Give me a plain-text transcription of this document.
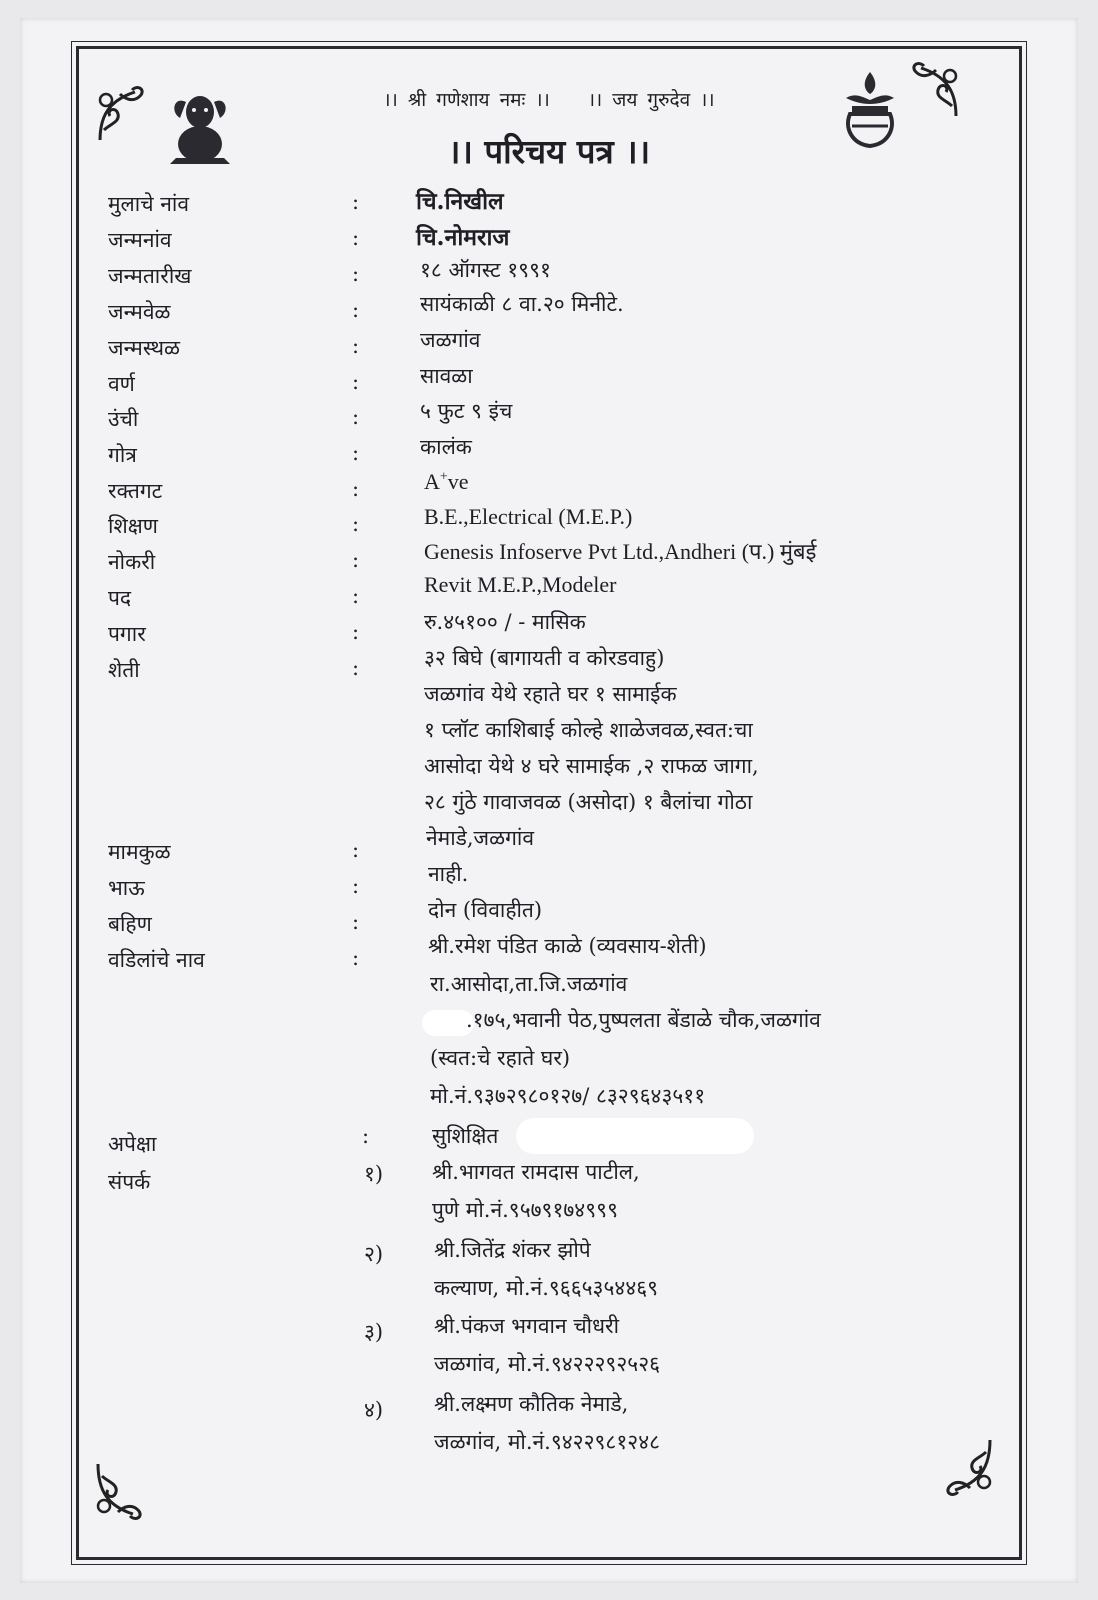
।। श्री गणेशाय नमः ।। ।। जय गुरुदेव ।।
।। परिचय पत्र ।।
मुलाचे नांव	: चि.निखील
जन्मनांव	: चि.नोमराज
जन्मतारीख	:	१८ ऑगस्ट १९९१
जन्मवेळ	:	सायंकाळी ८ वा.२० मिनीटे.
जन्मस्थळ	:	जळगांव
वर्ण	:	सावळा
उंची	:	५ फुट ९ इंच
गोत्र	:	कालंक
रक्तगट	:	A+ve
शिक्षण	:	B.E.,Electrical (M.E.P.)
नोकरी	:	Genesis Infoserve Pvt Ltd.,Andheri (प.) मुंबई
पद	:	Revit M.E.P.,Modeler
पगार	:	रु.४५१०० / - मासिक
शेती	:	३२ बिघे (बागायती व कोरडवाहु)
जळगांव येथे रहाते घर १ सामाईक
१ प्लॉट काशिबाई कोल्हे शाळेजवळ,स्वत:चा
आसोदा येथे ४ घरे सामाईक ,२ राफळ जागा,
२८ गुंठे गावाजवळ (असोदा) १ बैलांचा गोठा
मामकुळ	:	नेमाडे,जळगांव
भाऊ	:	नाही.
बहिण	:	दोन (विवाहीत)
वडिलांचे नाव	:	श्री.रमेश पंडित काळे (व्यवसाय-शेती)
रा.आसोदा,ता.जि.जळगांव
.१७५,भवानी पेठ,पुष्पलता बेंडाळे चौक,जळगांव
(स्वत:चे रहाते घर)
मो.नं.९३७२९८०१२७/ ८३२९६४३५११
अपेक्षा	:	सुशिक्षित
संपर्क	१) श्री.भागवत रामदास पाटील,
पुणे मो.नं.९५७९१७४९९९
२) श्री.जितेंद्र शंकर झोपे
कल्याण, मो.नं.९६६५३५४४६९
३) श्री.पंकज भगवान चौधरी
जळगांव, मो.नं.९४२२२९२५२६
४) श्री.लक्ष्मण कौतिक नेमाडे,
जळगांव, मो.नं.९४२२९८१२४८
